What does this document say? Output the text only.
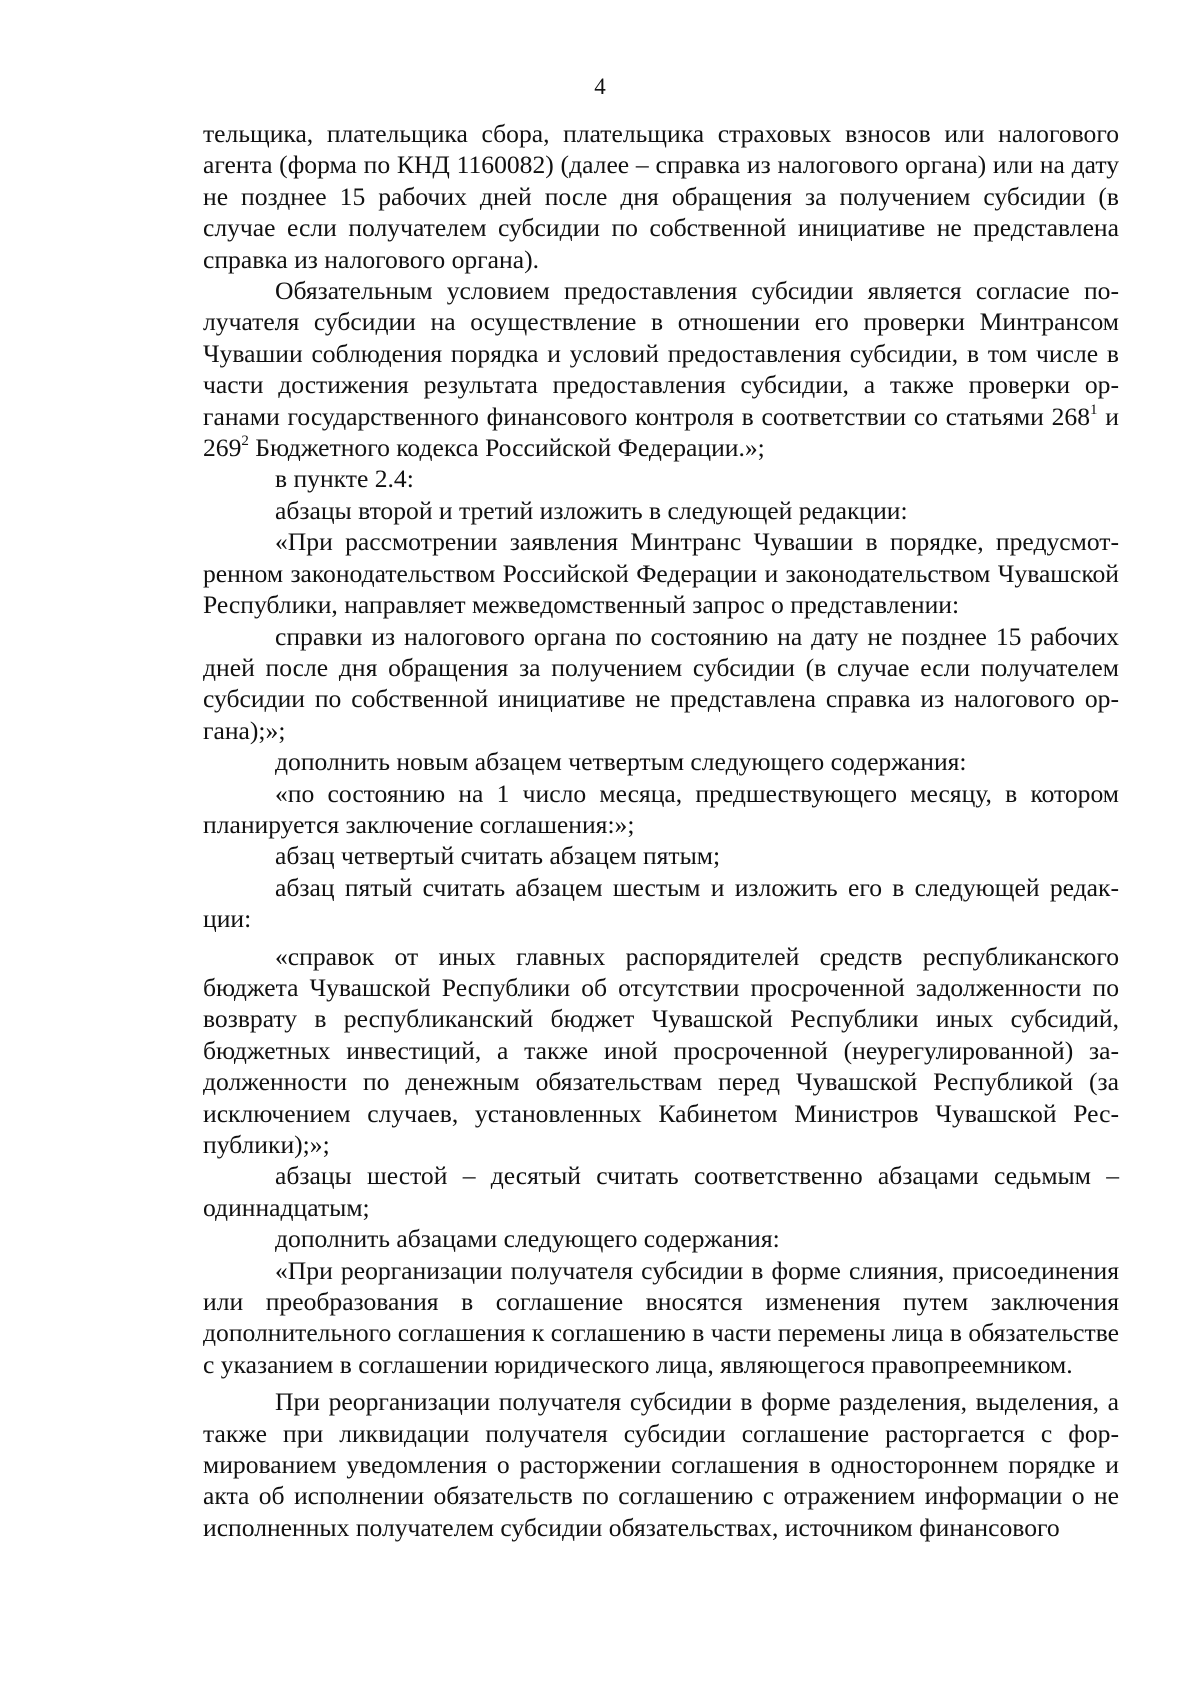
4

тельщика, плательщика сбора, плательщика страховых взносов или налогового агента (форма по КНД 1160082) (далее – справка из налогового органа) или на дату не позднее 15 рабочих дней после дня обращения за получением субсидии (в случае если получателем субсидии по собственной инициативе не представлена справка из налогового органа).

Обязательным условием предоставления субсидии является согласие получателя субсидии на осуществление в отношении его проверки Минтрансом Чувашии соблюдения порядка и условий предоставления субсидии, в том числе в части достижения результата предоставления субсидии, а также проверки органами государственного финансового контроля в соответствии со статьями $268^1$ и $269^2$ Бюджетного кодекса Российской Федерации.»;

в пункте 2.4:

абзацы второй и третий изложить в следующей редакции:

«При рассмотрении заявления Минтранс Чувашии в порядке, предусмотренном законодательством Российской Федерации и законодательством Чувашской Республики, направляет межведомственный запрос о представлении:

справки из налогового органа по состоянию на дату не позднее 15 рабочих дней после дня обращения за получением субсидии (в случае если получателем субсидии по собственной инициативе не представлена справка из налогового органа);»;

дополнить новым абзацем четвертым следующего содержания:

«по состоянию на 1 число месяца, предшествующего месяцу, в котором планируется заключение соглашения:»;

абзац четвертый считать абзацем пятым;

абзац пятый считать абзацем шестым и изложить его в следующей редакции:

«справок от иных главных распорядителей средств республиканского бюджета Чувашской Республики об отсутствии просроченной задолженности по возврату в республиканский бюджет Чувашской Республики иных субсидий, бюджетных инвестиций, а также иной просроченной (неурегулированной) задолженности по денежным обязательствам перед Чувашской Республикой (за исключением случаев, установленных Кабинетом Министров Чувашской Республики);»;

абзацы шестой – десятый считать соответственно абзацами седьмым – одиннадцатым;

дополнить абзацами следующего содержания:

«При реорганизации получателя субсидии в форме слияния, присоединения или преобразования в соглашение вносятся изменения путем заключения дополнительного соглашения к соглашению в части перемены лица в обязательстве с указанием в соглашении юридического лица, являющегося правопреемником.

При реорганизации получателя субсидии в форме разделения, выделения, а также при ликвидации получателя субсидии соглашение расторгается с формированием уведомления о расторжении соглашения в одностороннем порядке и акта об исполнении обязательств по соглашению с отражением информации о не исполненных получателем субсидии обязательствах, источником финансового
